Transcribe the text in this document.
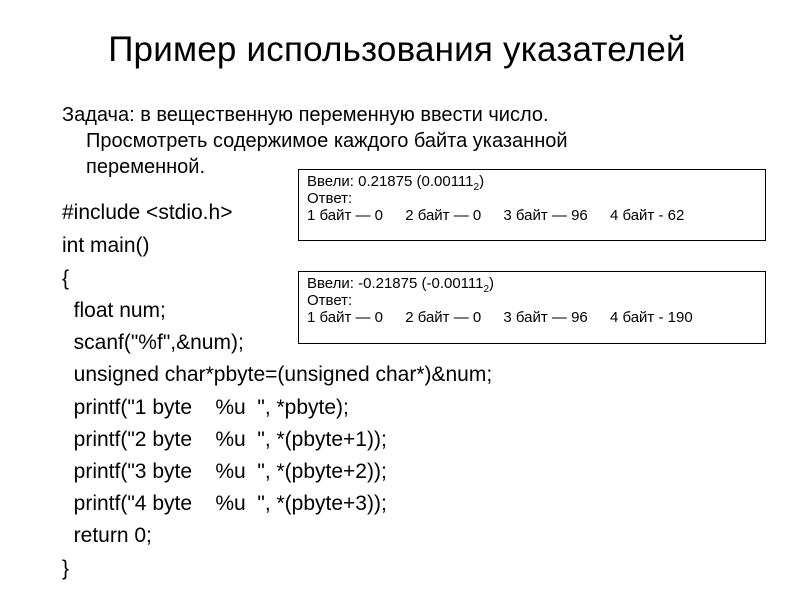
Пример использования указателей
Задача: в вещественную переменную ввести число.
Просмотреть содержимое каждого байта указанной
переменной.
#include <stdio.h>
int main()
{
float num;
scanf("%f",&num);
unsigned char*pbyte=(unsigned char*)&num;
printf("1 byte    %u  ", *pbyte);
printf("2 byte    %u  ", *(pbyte+1));
printf("3 byte    %u  ", *(pbyte+2));
printf("4 byte    %u  ", *(pbyte+3));
return 0;
}
Ввели: 0.21875 $(0.00111_2)$
Ответ:
1 байт — 0 2 байт — 0 3 байт — 96 4 байт - 62
Ввели: -0.21875 $(-0.00111_2)$
Ответ:
1 байт — 0 2 байт — 0 3 байт — 96 4 байт - 190
